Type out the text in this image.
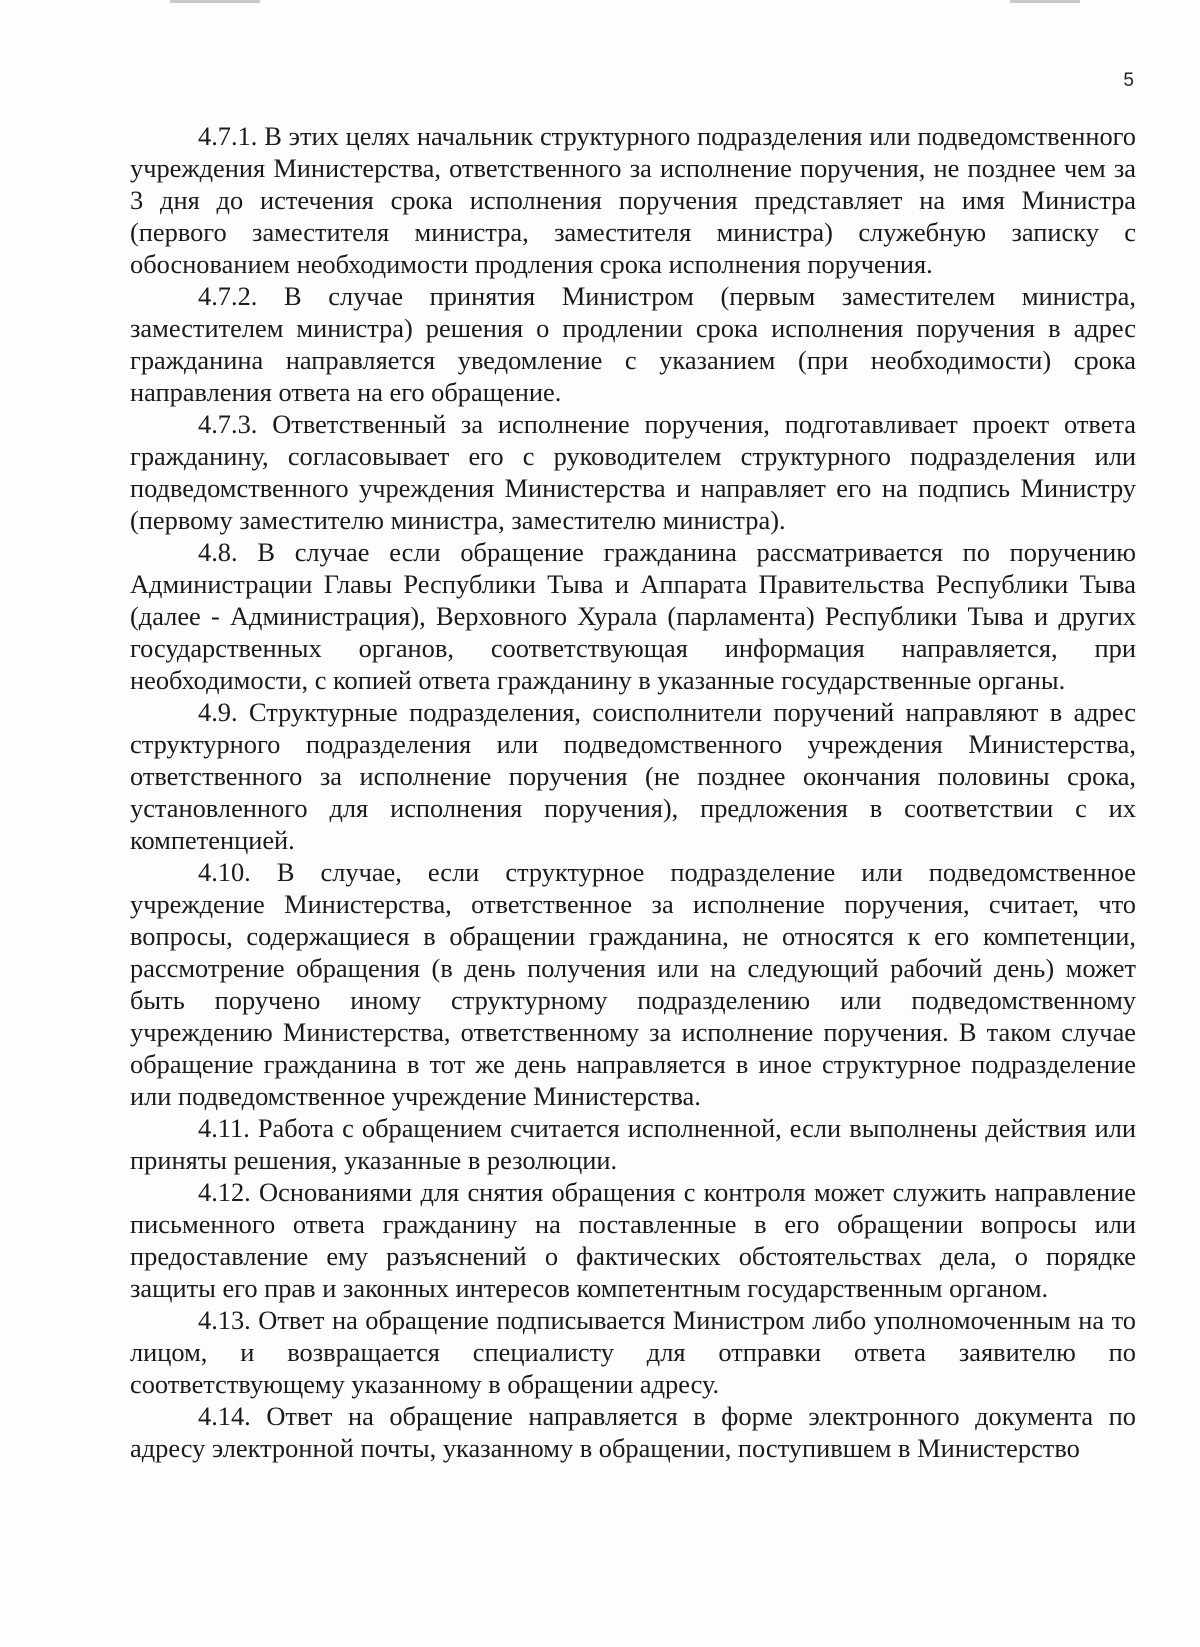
5

4.7.1. В этих целях начальник структурного подразделения или подведомственного учреждения Министерства, ответственного за исполнение поручения, не позднее чем за 3 дня до истечения срока исполнения поручения представляет на имя Министра (первого заместителя министра, заместителя министра) служебную записку с обоснованием необходимости продления срока исполнения поручения.

4.7.2. В случае принятия Министром (первым заместителем министра, заместителем министра) решения о продлении срока исполнения поручения в адрес гражданина направляется уведомление с указанием (при необходимости) срока направления ответа на его обращение.

4.7.3. Ответственный за исполнение поручения, подготавливает проект ответа гражданину, согласовывает его с руководителем структурного подразделения или подведомственного учреждения Министерства и направляет его на подпись Министру (первому заместителю министра, заместителю министра).

4.8. В случае если обращение гражданина рассматривается по поручению Администрации Главы Республики Тыва и Аппарата Правительства Республики Тыва (далее - Администрация), Верховного Хурала (парламента) Республики Тыва и других государственных органов, соответствующая информация направляется, при необходимости, с копией ответа гражданину в указанные государственные органы.

4.9. Структурные подразделения, соисполнители поручений направляют в адрес структурного подразделения или подведомственного учреждения Министерства, ответственного за исполнение поручения (не позднее окончания половины срока, установленного для исполнения поручения), предложения в соответствии с их компетенцией.

4.10. В случае, если структурное подразделение или подведомственное учреждение Министерства, ответственное за исполнение поручения, считает, что вопросы, содержащиеся в обращении гражданина, не относятся к его компетенции, рассмотрение обращения (в день получения или на следующий рабочий день) может быть поручено иному структурному подразделению или подведомственному учреждению Министерства, ответственному за исполнение поручения. В таком случае обращение гражданина в тот же день направляется в иное структурное подразделение или подведомственное учреждение Министерства.

4.11. Работа с обращением считается исполненной, если выполнены действия или приняты решения, указанные в резолюции.

4.12. Основаниями для снятия обращения с контроля может служить направление письменного ответа гражданину на поставленные в его обращении вопросы или предоставление ему разъяснений о фактических обстоятельствах дела, о порядке защиты его прав и законных интересов компетентным государственным органом.

4.13. Ответ на обращение подписывается Министром либо уполномоченным на то лицом, и возвращается специалисту для отправки ответа заявителю по соответствующему указанному в обращении адресу.

4.14. Ответ на обращение направляется в форме электронного документа по адресу электронной почты, указанному в обращении, поступившем в Министерство
